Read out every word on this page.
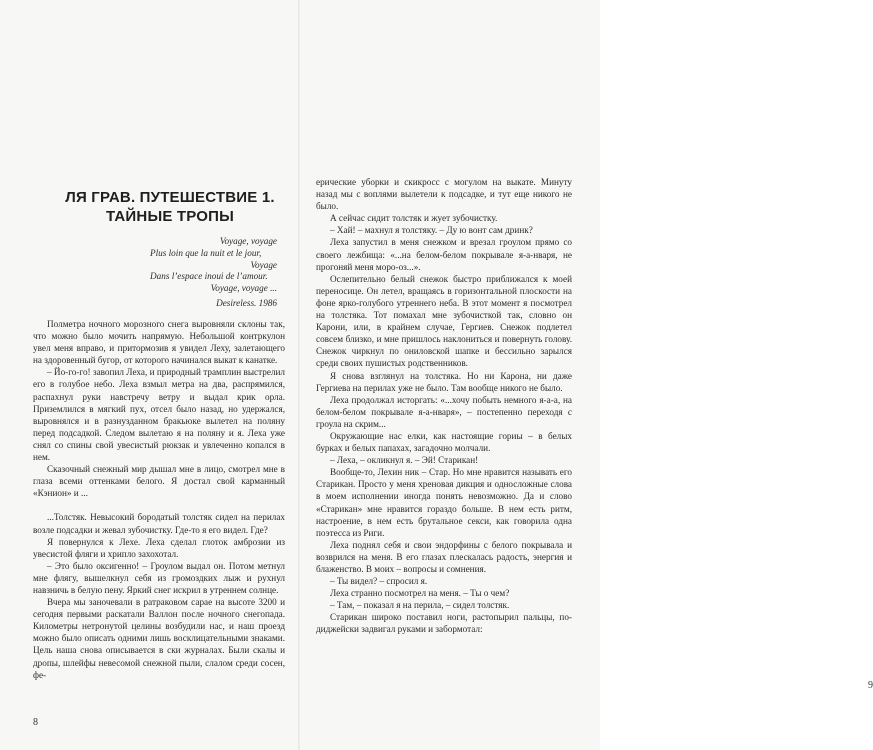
ЛЯ ГРАВ. ПУТЕШЕСТВИЕ 1.
ТАЙНЫЕ ТРОПЫ

Voyage, voyage

Plus loin que la nuit et le jour,

Voyage

Dans l’espace inoui de l’amour.

Voyage, voyage ...

Desireless. 1986

Полметра ночного морозного снега выровняли склоны так, что можно было мочить напрямую. Небольшой контркулон увел меня вправо, и притормозив я увидел Леху, залетающего на здоровенный бугор, от которого начинался выкат к канатке.

– Йо-го-го! завопил Леха, и природный трамплин выстрелил его в голубое небо. Леха взмыл метра на два, распрямился, распахнул руки навстречу ветру и выдал крик орла. Приземлился в мягкий пух, отсел было назад, но удержался, выровнялся и в разнузданном бракьюке вылетел на поляну перед подсадкой. Следом вылетаю я на поляну и я. Леха уже снял со спины свой увесистый рюкзак и увлеченно копался в нем.

Сказочный снежный мир дышал мне в лицо, смотрел мне в глаза всеми оттенками белого. Я достал свой карманный «Кэнион» и ...

...Толстяк. Невысокий бородатый толстяк сидел на перилах возле подсадки и жевал зубочистку. Где-то я его видел. Где?

Я повернулся к Лехе. Леха сделал глоток амброзии из увесистой фляги и хрипло захохотал.

– Это было оксигенно! – Гроулом выдал он. Потом метнул мне флягу, вышелкнул себя из громоздких лыж и рухнул навзничь в белую пену. Яркий снег искрил в утреннем солнце.

Вчера мы заночевали в ратраковом сарае на высоте 3200 и сегодня первыми раскатали Валлон после ночного снегопада. Километры нетронутой целины возбудили нас, и наш проезд можно было описать одними лишь восклицательными знаками. Цель наша снова описывается в ски журналах. Были скалы и дропы, шлейфы невесомой снежной пыли, слалом среди сосен, фе-

8
9

ерические уборки и скикросс с могулом на выкате. Минуту назад мы с воплями вылетели к подсадке, и тут еще никого не было.

А сейчас сидит толстяк и жует зубочистку.

– Хай! – махнул я толстяку. – Ду ю вонт сам дринк?

Леха запустил в меня снежком и врезал гроулом прямо со своего лежбища: «...на белом-белом покрывале я-а-нваря, не прогоняй меня моро-оз...».

Ослепительно белый снежок быстро приближался к моей переносице. Он летел, вращаясь в горизонтальной плоскости на фоне ярко-голубого утреннего неба. В этот момент я посмотрел на толстяка. Тот помахал мне зубочисткой так, словно он Карони, или, в крайнем случае, Гергиев. Снежок подлетел совсем близко, и мне пришлось наклониться и повернуть голову. Снежок чиркнул по ониловской шапке и бессильно зарылся среди своих пушистых родственников.

Я снова взглянул на толстяка. Но ни Карона, ни даже Гергиева на перилах уже не было. Там вообще никого не было.

Леха продолжал исторгать: «...хочу побыть немного я-а-а, на белом-белом покрывале я-а-нваря», – постепенно переходя с гроула на скрим...

Окружающие нас елки, как настоящие гориы – в белых бурках и белых папахах, загадочно молчали.

– Леха, – окликнул я. – Эй! Старикан!

Вообще-то, Лехин ник – Стар. Но мне нравится называть его Старикан. Просто у меня хреновая дикция и односложные слова в моем исполнении иногда понять невозможно. Да и слово «Старикан» мне нравится гораздо больше. В нем есть ритм, настроение, в нем есть брутальное секси, как говорила одна поэтесса из Риги.

Леха поднял себя и свои эндорфины с белого покрывала и возврился на меня. В его глазах плескалась радость, энергия и блаженство. В моих – вопросы и сомнения.

– Ты видел? – спросил я.

Леха странно посмотрел на меня. – Ты о чем?

– Там, – показал я на перила, – сидел толстяк.

Старикан широко поставил ноги, растопырил пальцы, по-диджейски задвигал руками и забормотал:
